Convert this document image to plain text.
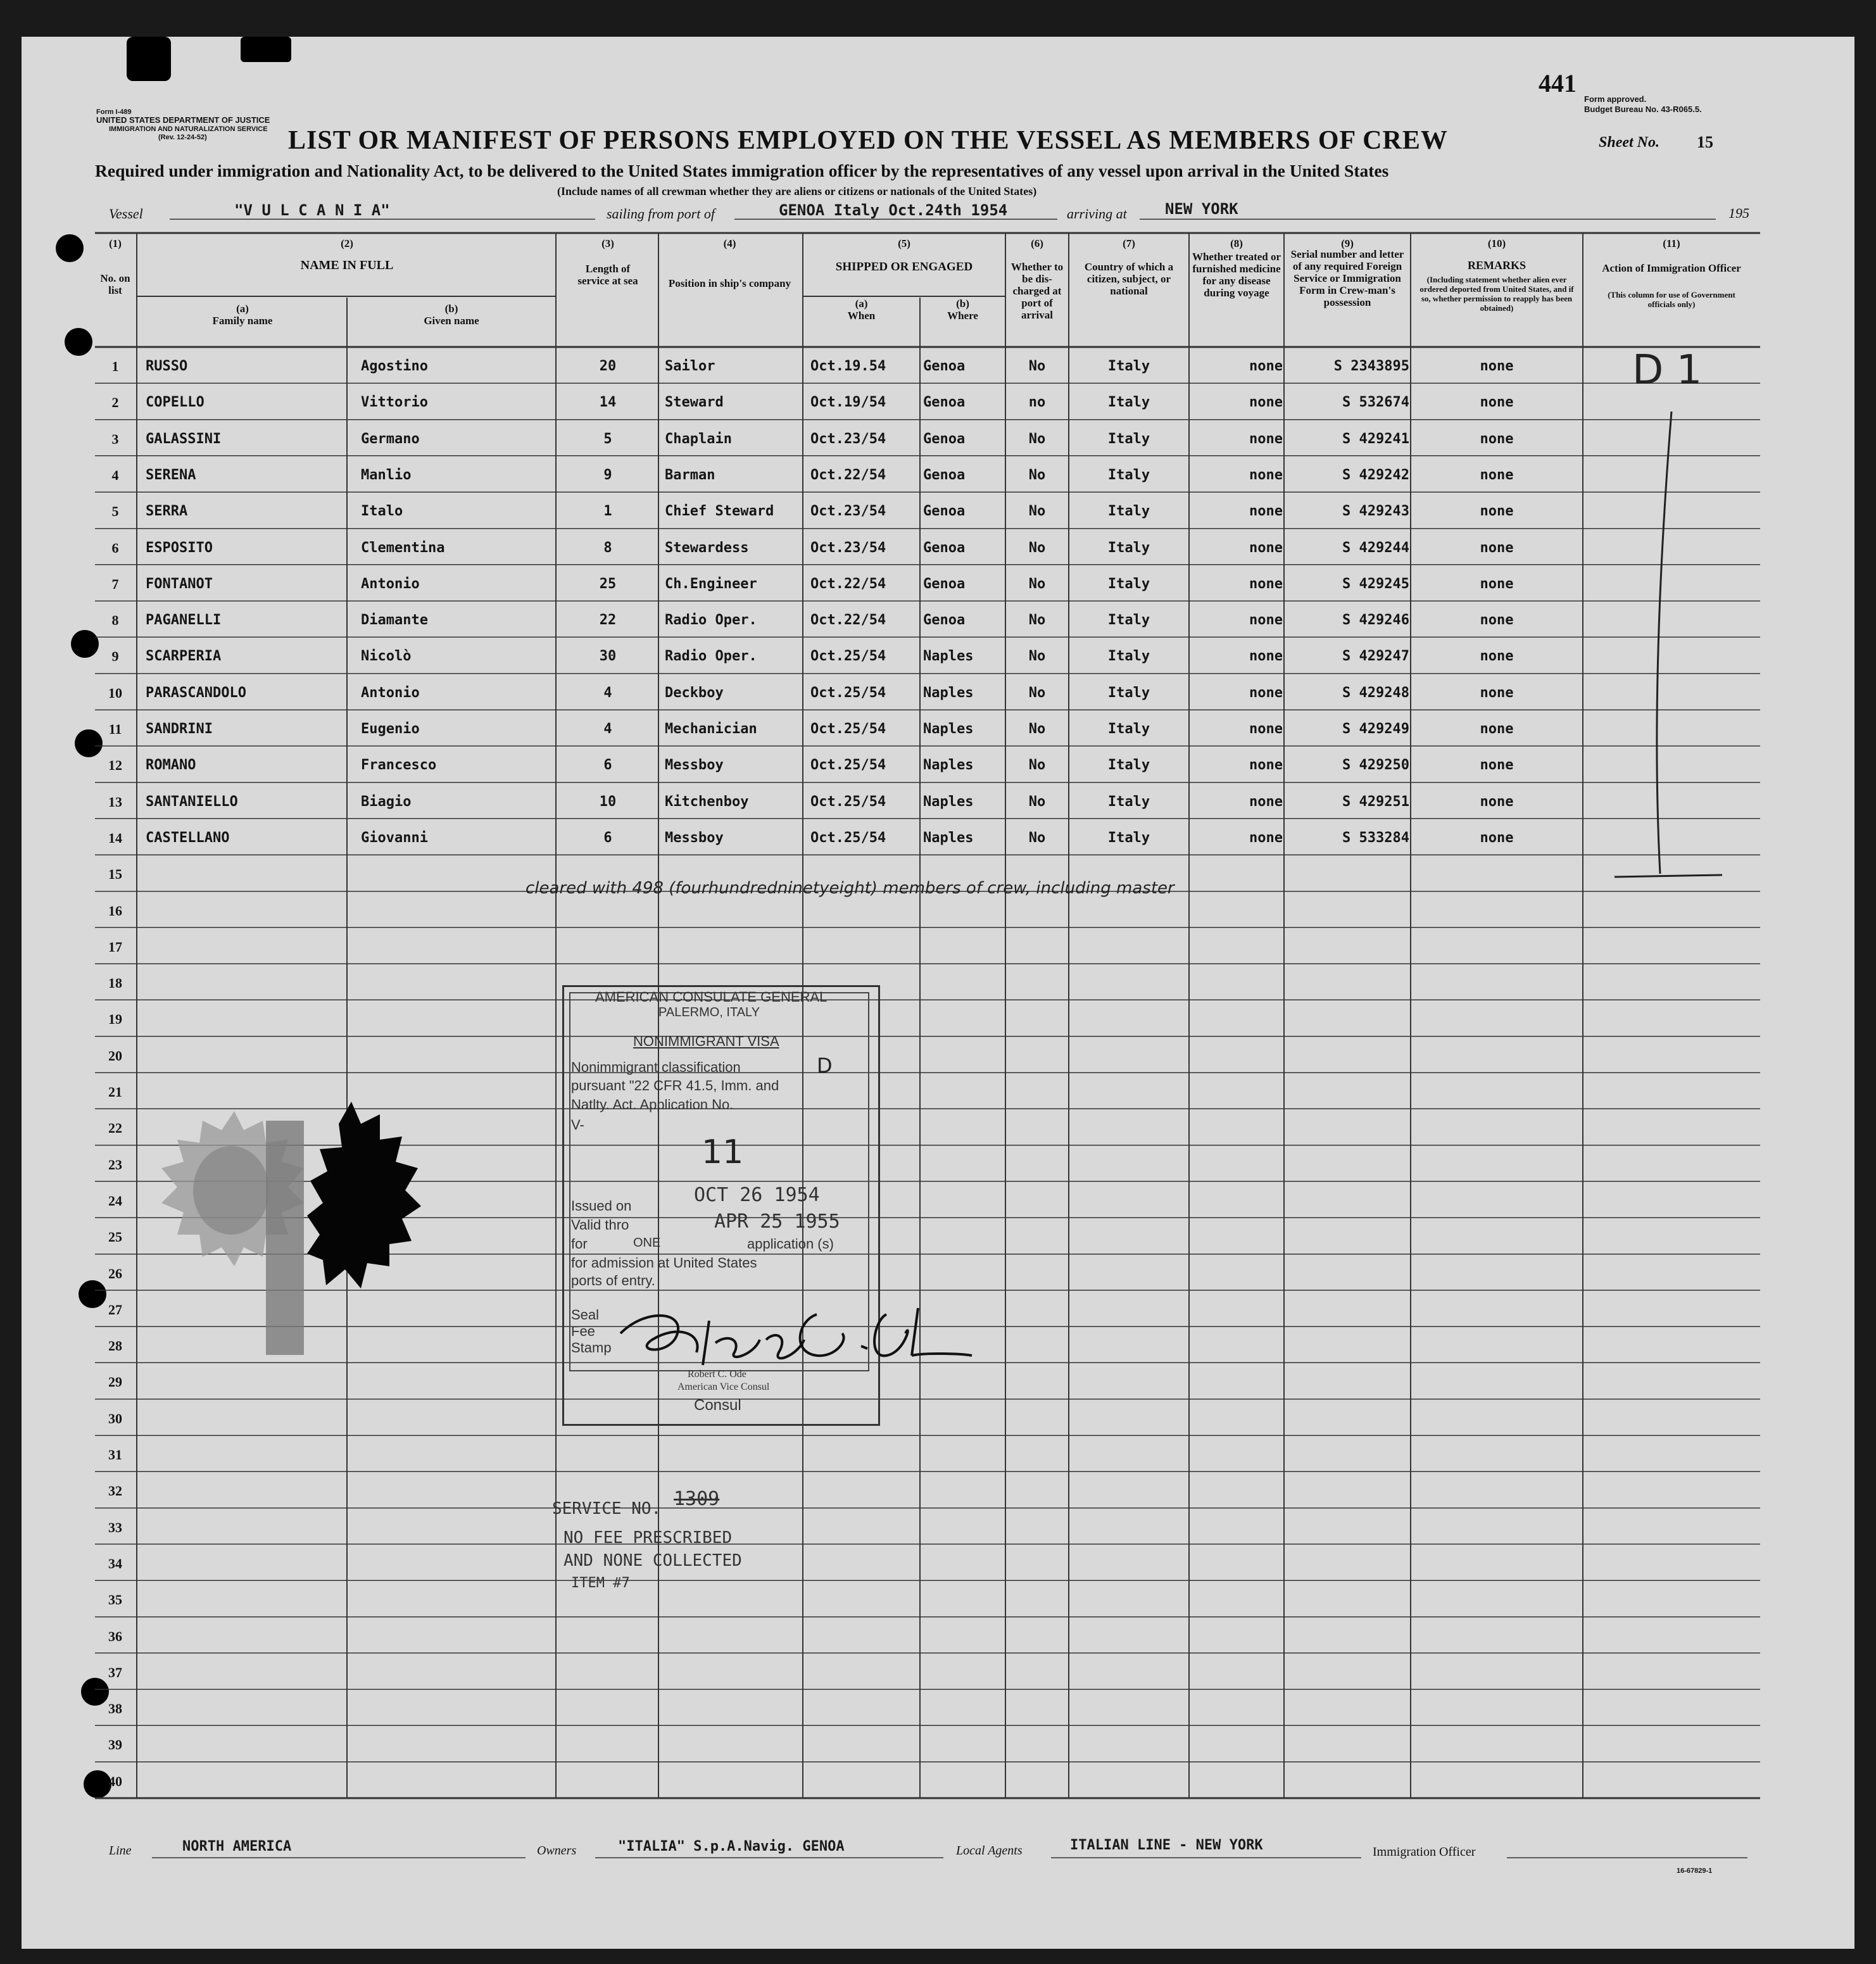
Form I-489
UNITED STATES DEPARTMENT OF JUSTICE
IMMIGRATION AND NATURALIZATION SERVICE
(Rev. 12-24-52)
441
Form approved.
Budget Bureau No. 43-R065.5.
LIST OR MANIFEST OF PERSONS EMPLOYED ON THE VESSEL AS MEMBERS OF CREW	Sheet No. 15
Required under immigration and Nationality Act, to be delivered to the United States immigration officer by the representatives of any vessel upon arrival in the United States
(Include names of all crewman whether they are aliens or citizens or nationals of the United States)
Vessel	"V U L C A N I A"	sailing from port of	GENOA Italy Oct.24th 1954	arriving at	NEW YORK	195
(1)
No. on list
(2)
NAME IN FULL
(a)
Family name
(b)
Given name
(3)
Length of service at sea
(4)
Position in ship's company
(5)
SHIPPED OR ENGAGED
(a)
When
(b)
Where
(6)
Whether to be dis-charged at port of arrival
(7)
Country of which a citizen, subject, or national
(8)
Whether treated or furnished medicine for any disease during voyage
(9)
Serial number and letter of any required Foreign Service or Immigration Form in Crew-man's possession
(10)
REMARKS
(Including statement whether alien ever ordered deported from United States, and if so, whether permission to reapply has been obtained)
(11)
Action of Immigration Officer
(This column for use of Government officials only)
1	RUSSO	Agostino	20	Sailor	Oct.19.54	Genoa	No	Italy	none	S 2343895	none
2	COPELLO	Vittorio	14	Steward	Oct.19/54	Genoa	no	Italy	none	S 532674	none
3	GALASSINI	Germano	5	Chaplain	Oct.23/54	Genoa	No	Italy	none	S 429241	none
4	SERENA	Manlio	9	Barman	Oct.22/54	Genoa	No	Italy	none	S 429242	none
5	SERRA	Italo	1	Chief Steward	Oct.23/54	Genoa	No	Italy	none	S 429243	none
6	ESPOSITO	Clementina	8	Stewardess	Oct.23/54	Genoa	No	Italy	none	S 429244	none
7	FONTANOT	Antonio	25	Ch.Engineer	Oct.22/54	Genoa	No	Italy	none	S 429245	none
8	PAGANELLI	Diamante	22	Radio Oper.	Oct.22/54	Genoa	No	Italy	none	S 429246	none
9	SCARPERIA	Nicolò	30	Radio Oper.	Oct.25/54	Naples	No	Italy	none	S 429247	none
10	PARASCANDOLO	Antonio	4	Deckboy	Oct.25/54	Naples	No	Italy	none	S 429248	none
11	SANDRINI	Eugenio	4	Mechanician	Oct.25/54	Naples	No	Italy	none	S 429249	none
12	ROMANO	Francesco	6	Messboy	Oct.25/54	Naples	No	Italy	none	S 429250	none
13	SANTANIELLO	Biagio	10	Kitchenboy	Oct.25/54	Naples	No	Italy	none	S 429251	none
14	CASTELLANO	Giovanni	6	Messboy	Oct.25/54	Naples	No	Italy	none	S 533284	none
15
16
17
18
19
20
21
22
23
24
25
26
27
28
29
30
31
32
33
34
35
36
37
38
39
40
D 1
cleared with 498 (fourhundredninetyeight) members of crew, including master
AMERICAN CONSULATE GENERAL
PALERMO, ITALY
NONIMMIGRANT VISA
Nonimmigrant classification	D
pursuant "22 CFR 41.5, Imm. and
Natlty. Act. Application No.
V-
11
Issued on	OCT 26 1954
Valid thro	APR 25 1955
for	ONE	application (s)
for admission at United States
ports of entry.
Seal
Fee
Stamp
Robert C. Ode
American Vice Consul
Consul
SERVICE NO. 1309
NO FEE PRESCRIBED
AND NONE COLLECTED
ITEM #7
Line	NORTH AMERICA	Owners	"ITALIA" S.p.A.Navig. GENOA	Local Agents	ITALIAN LINE - NEW YORK	Immigration Officer
16-67829-1
